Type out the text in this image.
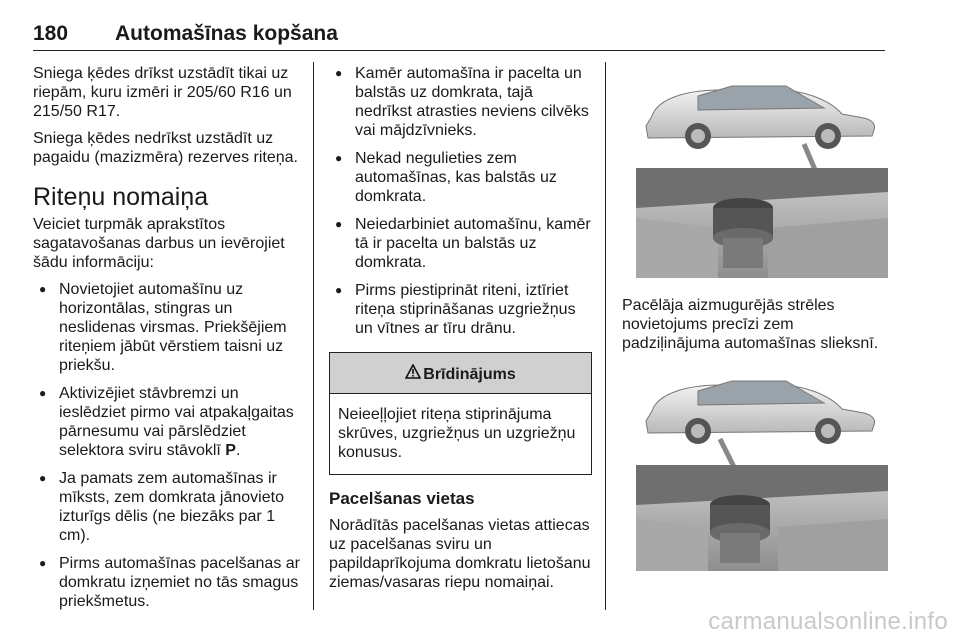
180 Automašīnas kopšana

Sniega ķēdes drīkst uzstādīt tikai uz riepām, kuru izmēri ir 205/60 R16 un 215/50 R17.

Sniega ķēdes nedrīkst uzstādīt uz pagaidu (mazizmēra) rezerves riteņa.

Riteņu nomaiņa

Veiciet turpmāk aprakstītos sagatavošanas darbus un ievērojiet šādu informāciju:

● Novietojiet automašīnu uz horizontālas, stingras un neslidenas virsmas. Priekšējiem riteņiem jābūt vērstiem taisni uz priekšu.
● Aktivizējiet stāvbremzi un ieslēdziet pirmo vai atpakaļgaitas pārnesumu vai pārslēdziet selektora sviru stāvoklī P.
● Ja pamats zem automašīnas ir mīksts, zem domkrata jānovieto izturīgs dēlis (ne biezāks par 1 cm).
● Pirms automašīnas pacelšanas ar domkratu izņemiet no tās smagus priekšmetus.
● Kamēr automašīna ir pacelta un balstās uz domkrata, tajā nedrīkst atrasties neviens cilvēks vai mājdzīvnieks.
● Nekad negulieties zem automašīnas, kas balstās uz domkrata.
● Neiedarbiniet automašīnu, kamēr tā ir pacelta un balstās uz domkrata.
● Pirms piestiprināt riteni, iztīriet riteņa stiprināšanas uzgriežņus un vītnes ar tīru drānu.
Brīdinājums
Neieeļļojiet riteņa stiprinājuma skrūves, uzgriežņus un uzgriežņu konusus.
Pacelšanas vietas

Norādītās pacelšanas vietas attiecas uz pacelšanas sviru un papildaprīkojuma domkratu lietošanu ziemas/vasaras riepu nomaiņai.

Pacēlāja aizmugurējās strēles novietojums precīzi zem padziļinājuma automašīnas slieksnī.

carmanualsonline.info
